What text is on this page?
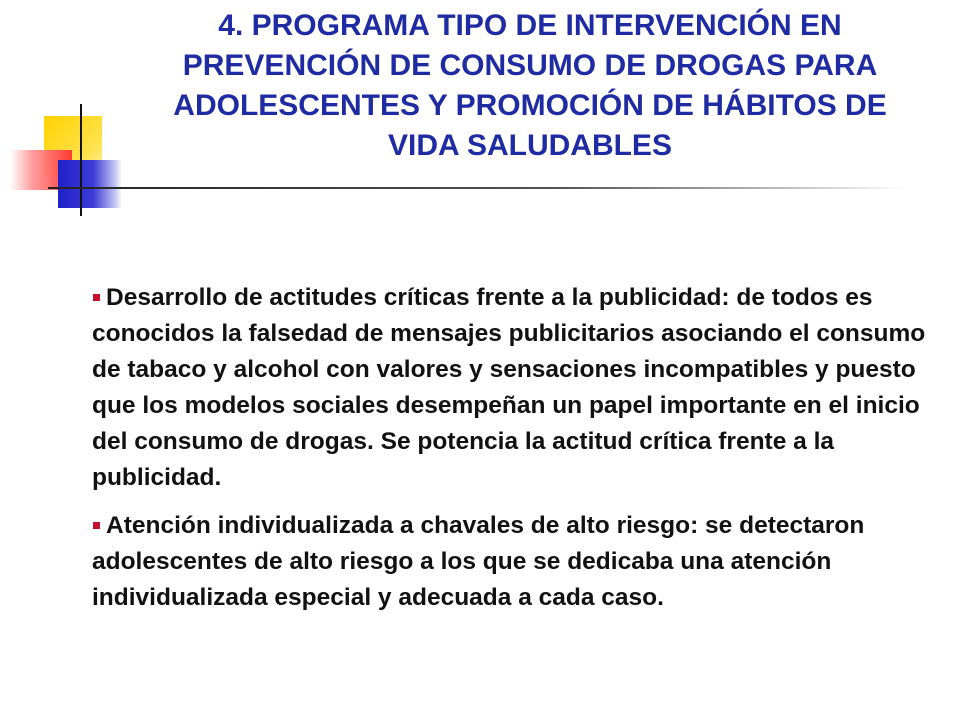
4. PROGRAMA TIPO DE INTERVENCIÓN EN
PREVENCIÓN DE CONSUMO DE DROGAS PARA
ADOLESCENTES Y PROMOCIÓN DE HÁBITOS DE
VIDA SALUDABLES
Desarrollo de actitudes críticas frente a la publicidad: de todos es conocidos la falsedad de mensajes publicitarios asociando el consumo de tabaco y alcohol con valores y sensaciones incompatibles y puesto que los modelos sociales desempeñan un papel importante en el inicio del consumo de drogas. Se potencia la actitud crítica frente a la publicidad.
Atención individualizada a chavales de alto riesgo: se detectaron adolescentes de alto riesgo a los que se dedicaba una atención individualizada especial y adecuada a cada caso.
